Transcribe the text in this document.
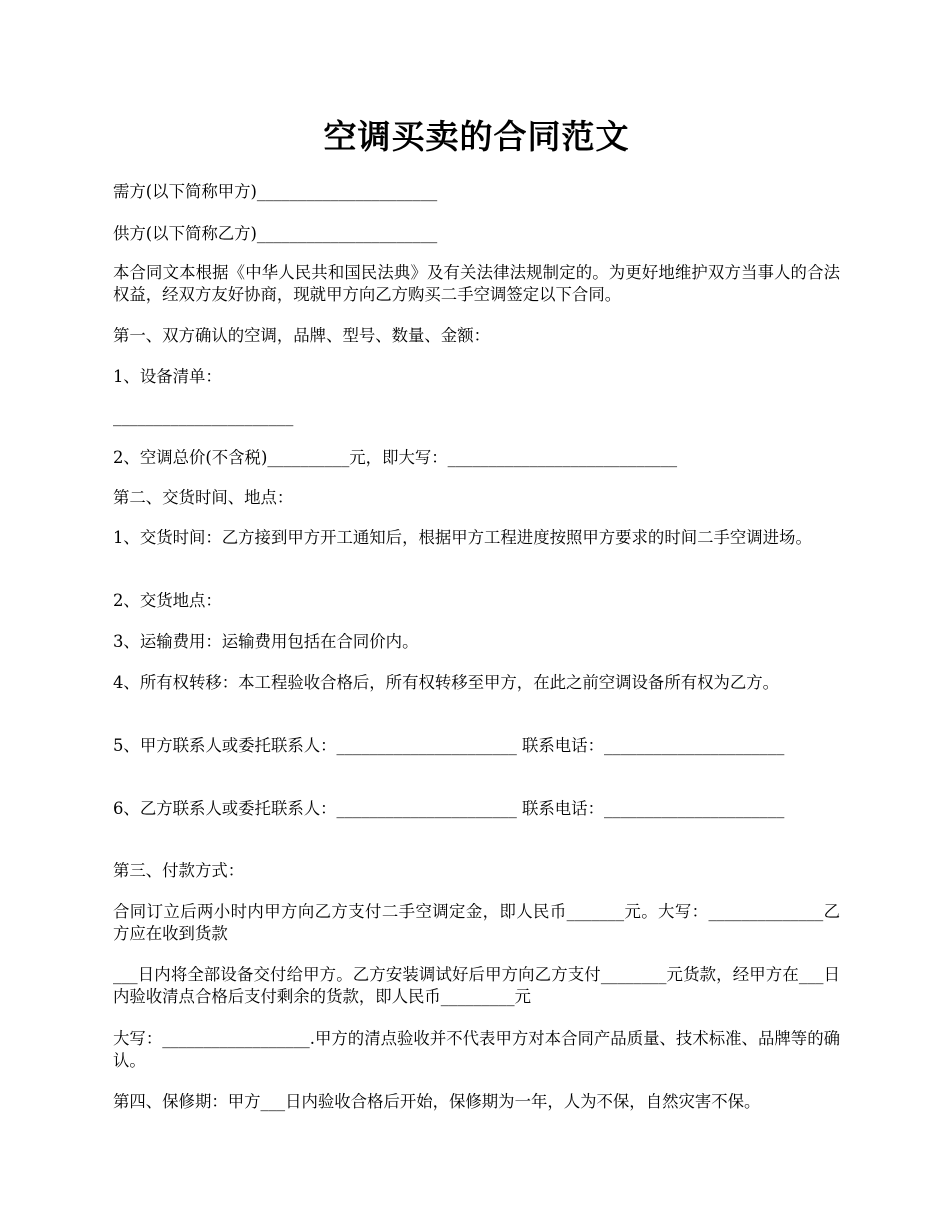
空调买卖的合同范文

需方(以下简称甲方)______________________

供方(以下简称乙方)______________________

本合同文本根据《中华人民共和国民法典》及有关法律法规制定的。为更好地维护双方当事人的合法权益，经双方友好协商，现就甲方向乙方购买二手空调签定以下合同。

第一、双方确认的空调，品牌、型号、数量、金额：

1、设备清单：

______________________

2、空调总价(不含税)__________元，即大写：____________________________

第二、交货时间、地点：

1、交货时间：乙方接到甲方开工通知后，根据甲方工程进度按照甲方要求的时间二手空调进场。

2、交货地点：

3、运输费用：运输费用包括在合同价内。

4、所有权转移：本工程验收合格后，所有权转移至甲方，在此之前空调设备所有权为乙方。

5、甲方联系人或委托联系人：______________________ 联系电话：______________________

6、乙方联系人或委托联系人：______________________ 联系电话：______________________

第三、付款方式：

合同订立后两小时内甲方向乙方支付二手空调定金，即人民币_______元。大写：______________乙方应在收到货款

___日内将全部设备交付给甲方。乙方安装调试好后甲方向乙方支付________元货款，经甲方在___日内验收清点合格后支付剩余的货款，即人民币_________元

大写：__________________.甲方的清点验收并不代表甲方对本合同产品质量、技术标准、品牌等的确认。

第四、保修期：甲方___日内验收合格后开始，保修期为一年，人为不保，自然灾害不保。
